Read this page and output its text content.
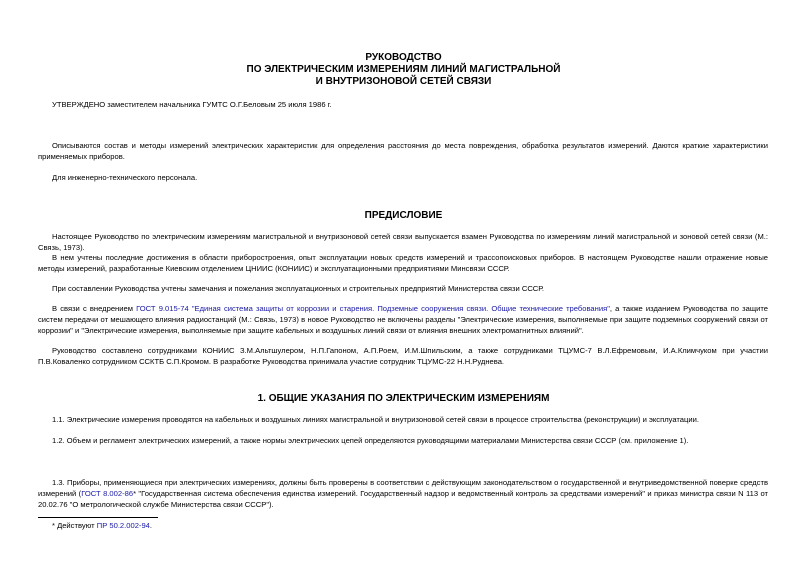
РУКОВОДСТВО
ПО ЭЛЕКТРИЧЕСКИМ ИЗМЕРЕНИЯМ ЛИНИЙ МАГИСТРАЛЬНОЙ
И ВНУТРИЗОНОВОЙ СЕТЕЙ СВЯЗИ
УТВЕРЖДЕНО заместителем начальника ГУМТС О.Г.Беловым 25 июля 1986 г.
Описываются состав и методы измерений электрических характеристик для определения расстояния до места повреждения, обработка результатов измерений. Даются краткие характеристики применяемых приборов.
Для инженерно-технического персонала.
ПРЕДИСЛОВИЕ
Настоящее Руководство по электрическим измерениям магистральной и внутризоновой сетей связи выпускается взамен Руководства по измерениям линий магистральной и зоновой сетей связи (М.: Связь, 1973).
В нем учтены последние достижения в области приборостроения, опыт эксплуатации новых средств измерений и трассопоисковых приборов. В настоящем Руководстве нашли отражение новые методы измерений, разработанные Киевским отделением ЦНИИС (КОНИИС) и эксплуатационными предприятиями Минсвязи СССР.
При составлении Руководства учтены замечания и пожелания эксплуатационных и строительных предприятий Министерства связи СССР.
В связи с внедрением ГОСТ 9.015-74 "Единая система защиты от коррозии и старения. Подземные сооружения связи. Общие технические требования", а также изданием Руководства по защите систем передачи от мешающего влияния радиостанций (М.: Связь, 1973) в новое Руководство не включены разделы "Электрические измерения, выполняемые при защите подземных сооружений связи от коррозии" и "Электрические измерения, выполняемые при защите кабельных и воздушных линий связи от влияния внешних электромагнитных влияний".
Руководство составлено сотрудниками КОНИИС З.М.Альтшулером, Н.П.Гапоном, А.П.Роем, И.М.Шпильским, а также сотрудниками ТЦУМС-7 В.Л.Ефремовым, И.А.Климчуком при участии П.В.Коваленко сотрудником ССКТБ С.П.Кромом. В разработке Руководства принимала участие сотрудник ТЦУМС-22 Н.Н.Руднева.
1. ОБЩИЕ УКАЗАНИЯ ПО ЭЛЕКТРИЧЕСКИМ ИЗМЕРЕНИЯМ
1.1. Электрические измерения проводятся на кабельных и воздушных линиях магистральной и внутризоновой сетей связи в процессе строительства (реконструкции) и эксплуатации.
1.2. Объем и регламент электрических измерений, а также нормы электрических цепей определяются руководящими материалами Министерства связи СССР (см. приложение 1).
1.3. Приборы, применяющиеся при электрических измерениях, должны быть проверены в соответствии с действующим законодательством о государственной и внутриведомственной поверке средств измерений (ГОСТ 8.002-86* "Государственная система обеспечения единства измерений. Государственный надзор и ведомственный контроль за средствами измерений" и приказ министра связи N 113 от 20.02.76 "О метрологической службе Министерства связи СССР").
* Действуют ПР 50.2.002-94.
